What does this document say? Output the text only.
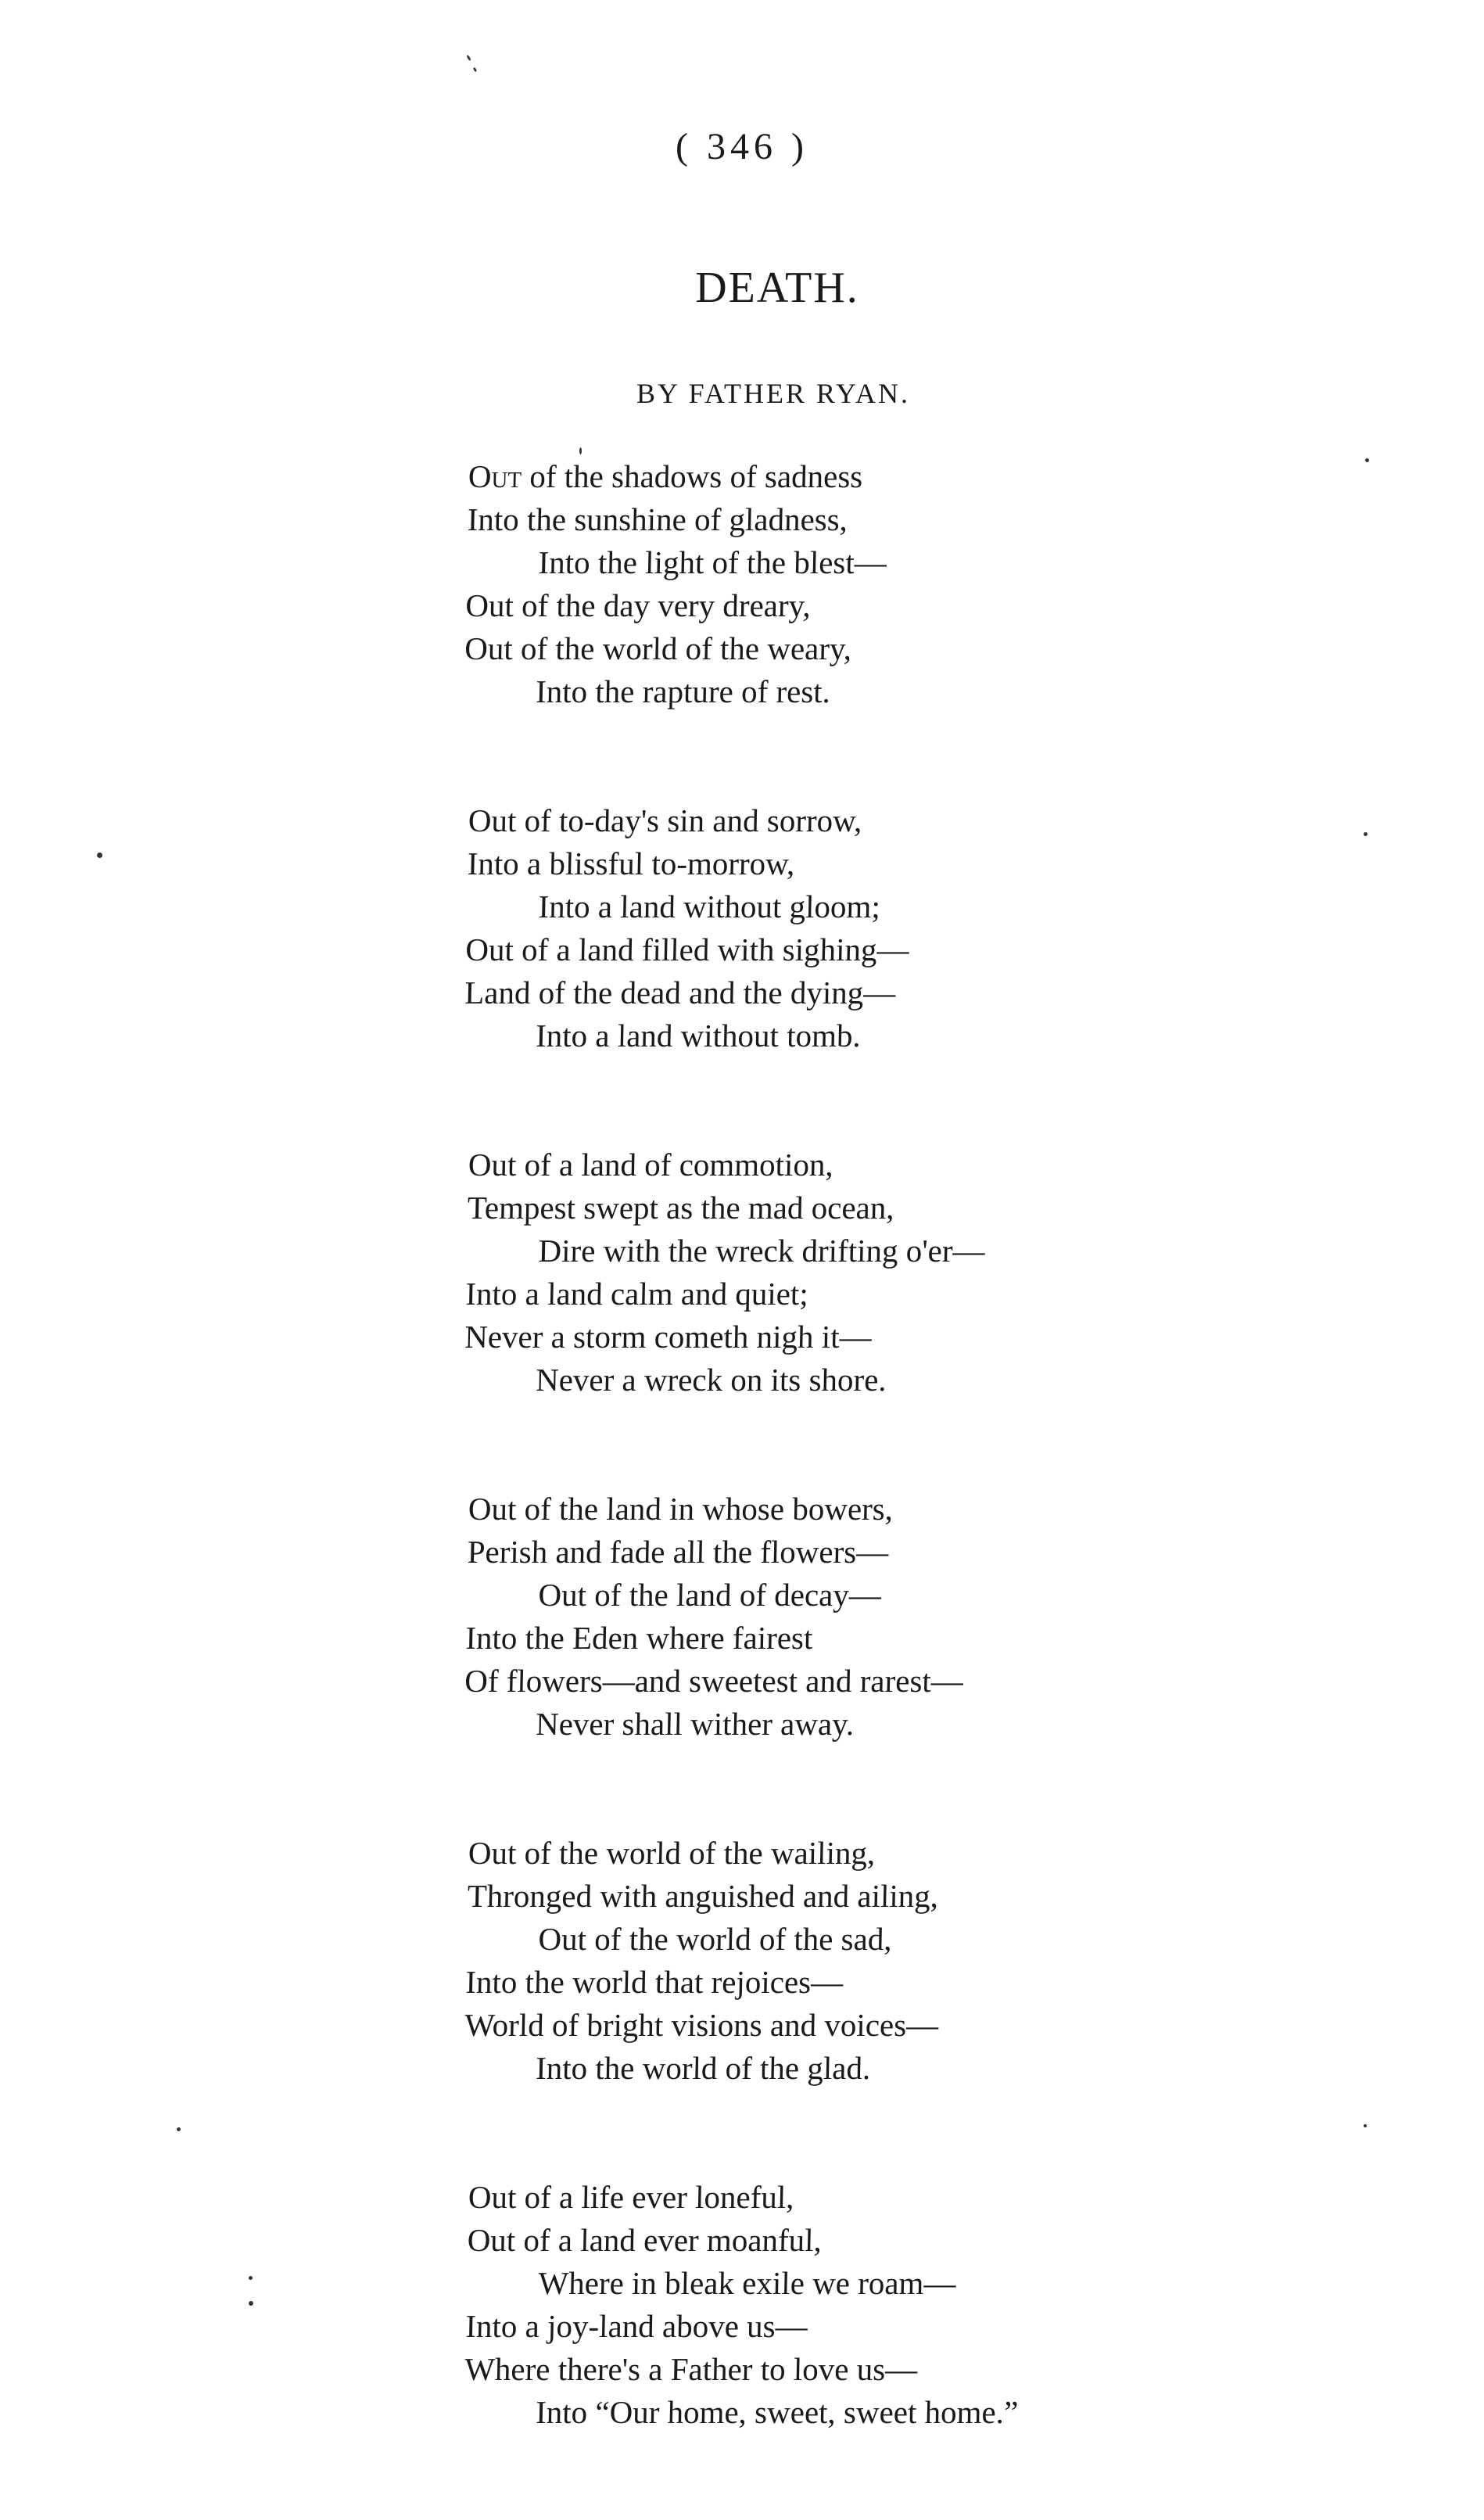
( 346 )
DEATH.
BY FATHER RYAN.
Out of the shadows of sadness
Into the sunshine of gladness,
Into the light of the blest—
Out of the day very dreary,
Out of the world of the weary,
Into the rapture of rest.
Out of to-day's sin and sorrow,
Into a blissful to-morrow,
Into a land without gloom;
Out of a land filled with sighing—
Land of the dead and the dying—
Into a land without tomb.
Out of a land of commotion,
Tempest swept as the mad ocean,
Dire with the wreck drifting o'er—
Into a land calm and quiet;
Never a storm cometh nigh it—
Never a wreck on its shore.
Out of the land in whose bowers,
Perish and fade all the flowers—
Out of the land of decay—
Into the Eden where fairest
Of flowers—and sweetest and rarest—
Never shall wither away.
Out of the world of the wailing,
Thronged with anguished and ailing,
Out of the world of the sad,
Into the world that rejoices—
World of bright visions and voices—
Into the world of the glad.
Out of a life ever loneful,
Out of a land ever moanful,
Where in bleak exile we roam—
Into a joy-land above us—
Where there's a Father to love us—
Into “Our home, sweet, sweet home.”
